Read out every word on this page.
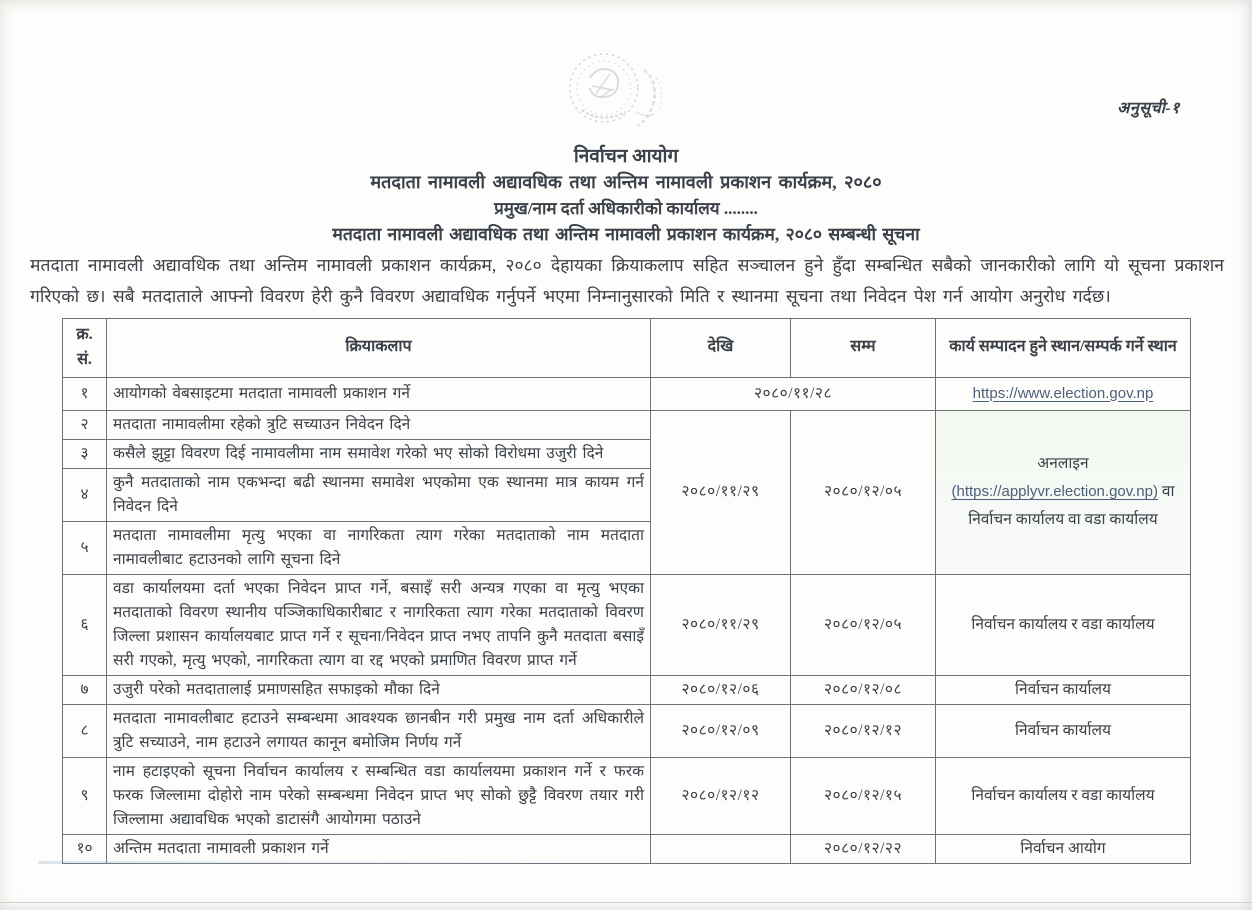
अनुसूची-१
निर्वाचन आयोग
मतदाता नामावली अद्यावधिक तथा अन्तिम नामावली प्रकाशन कार्यक्रम, २०८०
प्रमुख/नाम दर्ता अधिकारीको कार्यालय ........
मतदाता नामावली अद्यावधिक तथा अन्तिम नामावली प्रकाशन कार्यक्रम, २०८० सम्बन्धी सूचना

मतदाता नामावली अद्यावधिक तथा अन्तिम नामावली प्रकाशन कार्यक्रम, २०८० देहायका क्रियाकलाप सहित सञ्चालन हुने हुँदा सम्बन्धित सबैको जानकारीको लागि यो सूचना प्रकाशन गरिएको छ। सबै मतदाताले आफ्नो विवरण हेरी कुनै विवरण अद्यावधिक गर्नुपर्ने भएमा निम्नानुसारको मिति र स्थानमा सूचना तथा निवेदन पेश गर्न आयोग अनुरोध गर्दछ।

क्र. सं.	क्रियाकलाप	देखि	सम्म	कार्य सम्पादन हुने स्थान/सम्पर्क गर्ने स्थान
१	आयोगको वेबसाइटमा मतदाता नामावली प्रकाशन गर्ने	२०८०/११/२८		https://www.election.gov.np
२	मतदाता नामावलीमा रहेको त्रुटि सच्याउन निवेदन दिने	२०८०/११/२९	२०८०/१२/०५	अनलाइन
(https://applyvr.election.gov.np) वा
निर्वाचन कार्यालय वा वडा कार्यालय

३	कसैले झुट्टा विवरण दिई नामावलीमा नाम समावेश गरेको भए सोको विरोधमा उजुरी दिने			
४	कुनै मतदाताको नाम एकभन्दा बढी स्थानमा समावेश भएकोमा एक स्थानमा मात्र कायम गर्न निवेदन दिने			
५	मतदाता नामावलीमा मृत्यु भएका वा नागरिकता त्याग गरेका मतदाताको नाम मतदाता नामावलीबाट हटाउनको लागि सूचना दिने			
६	वडा कार्यालयमा दर्ता भएका निवेदन प्राप्त गर्ने, बसाइँ सरी अन्यत्र गएका वा मृत्यु भएका मतदाताको विवरण स्थानीय पञ्जिकाधिकारीबाट र नागरिकता त्याग गरेका मतदाताको विवरण जिल्ला प्रशासन कार्यालयबाट प्राप्त गर्ने र सूचना/निवेदन प्राप्त नभए तापनि कुनै मतदाता बसाइँ सरी गएको, मृत्यु भएको, नागरिकता त्याग वा रद्द भएको प्रमाणित विवरण प्राप्त गर्ने	२०८०/११/२९	२०८०/१२/०५	निर्वाचन कार्यालय र वडा कार्यालय
७	उजुरी परेको मतदातालाई प्रमाणसहित सफाइको मौका दिने	२०८०/१२/०६	२०८०/१२/०८	निर्वाचन कार्यालय
८	मतदाता नामावलीबाट हटाउने सम्बन्धमा आवश्यक छानबीन गरी प्रमुख नाम दर्ता अधिकारीले त्रुटि सच्याउने, नाम हटाउने लगायत कानून बमोजिम निर्णय गर्ने	२०८०/१२/०९	२०८०/१२/१२	निर्वाचन कार्यालय
९	नाम हटाइएको सूचना निर्वाचन कार्यालय र सम्बन्धित वडा कार्यालयमा प्रकाशन गर्ने र फरक फरक जिल्लामा दोहोरो नाम परेको सम्बन्धमा निवेदन प्राप्त भए सोको छुट्टै विवरण तयार गरी जिल्लामा अद्यावधिक भएको डाटासंगै आयोगमा पठाउने	२०८०/१२/१२	२०८०/१२/१५	निर्वाचन कार्यालय र वडा कार्यालय
१०	अन्तिम मतदाता नामावली प्रकाशन गर्ने		२०८०/१२/२२	निर्वाचन आयोग
